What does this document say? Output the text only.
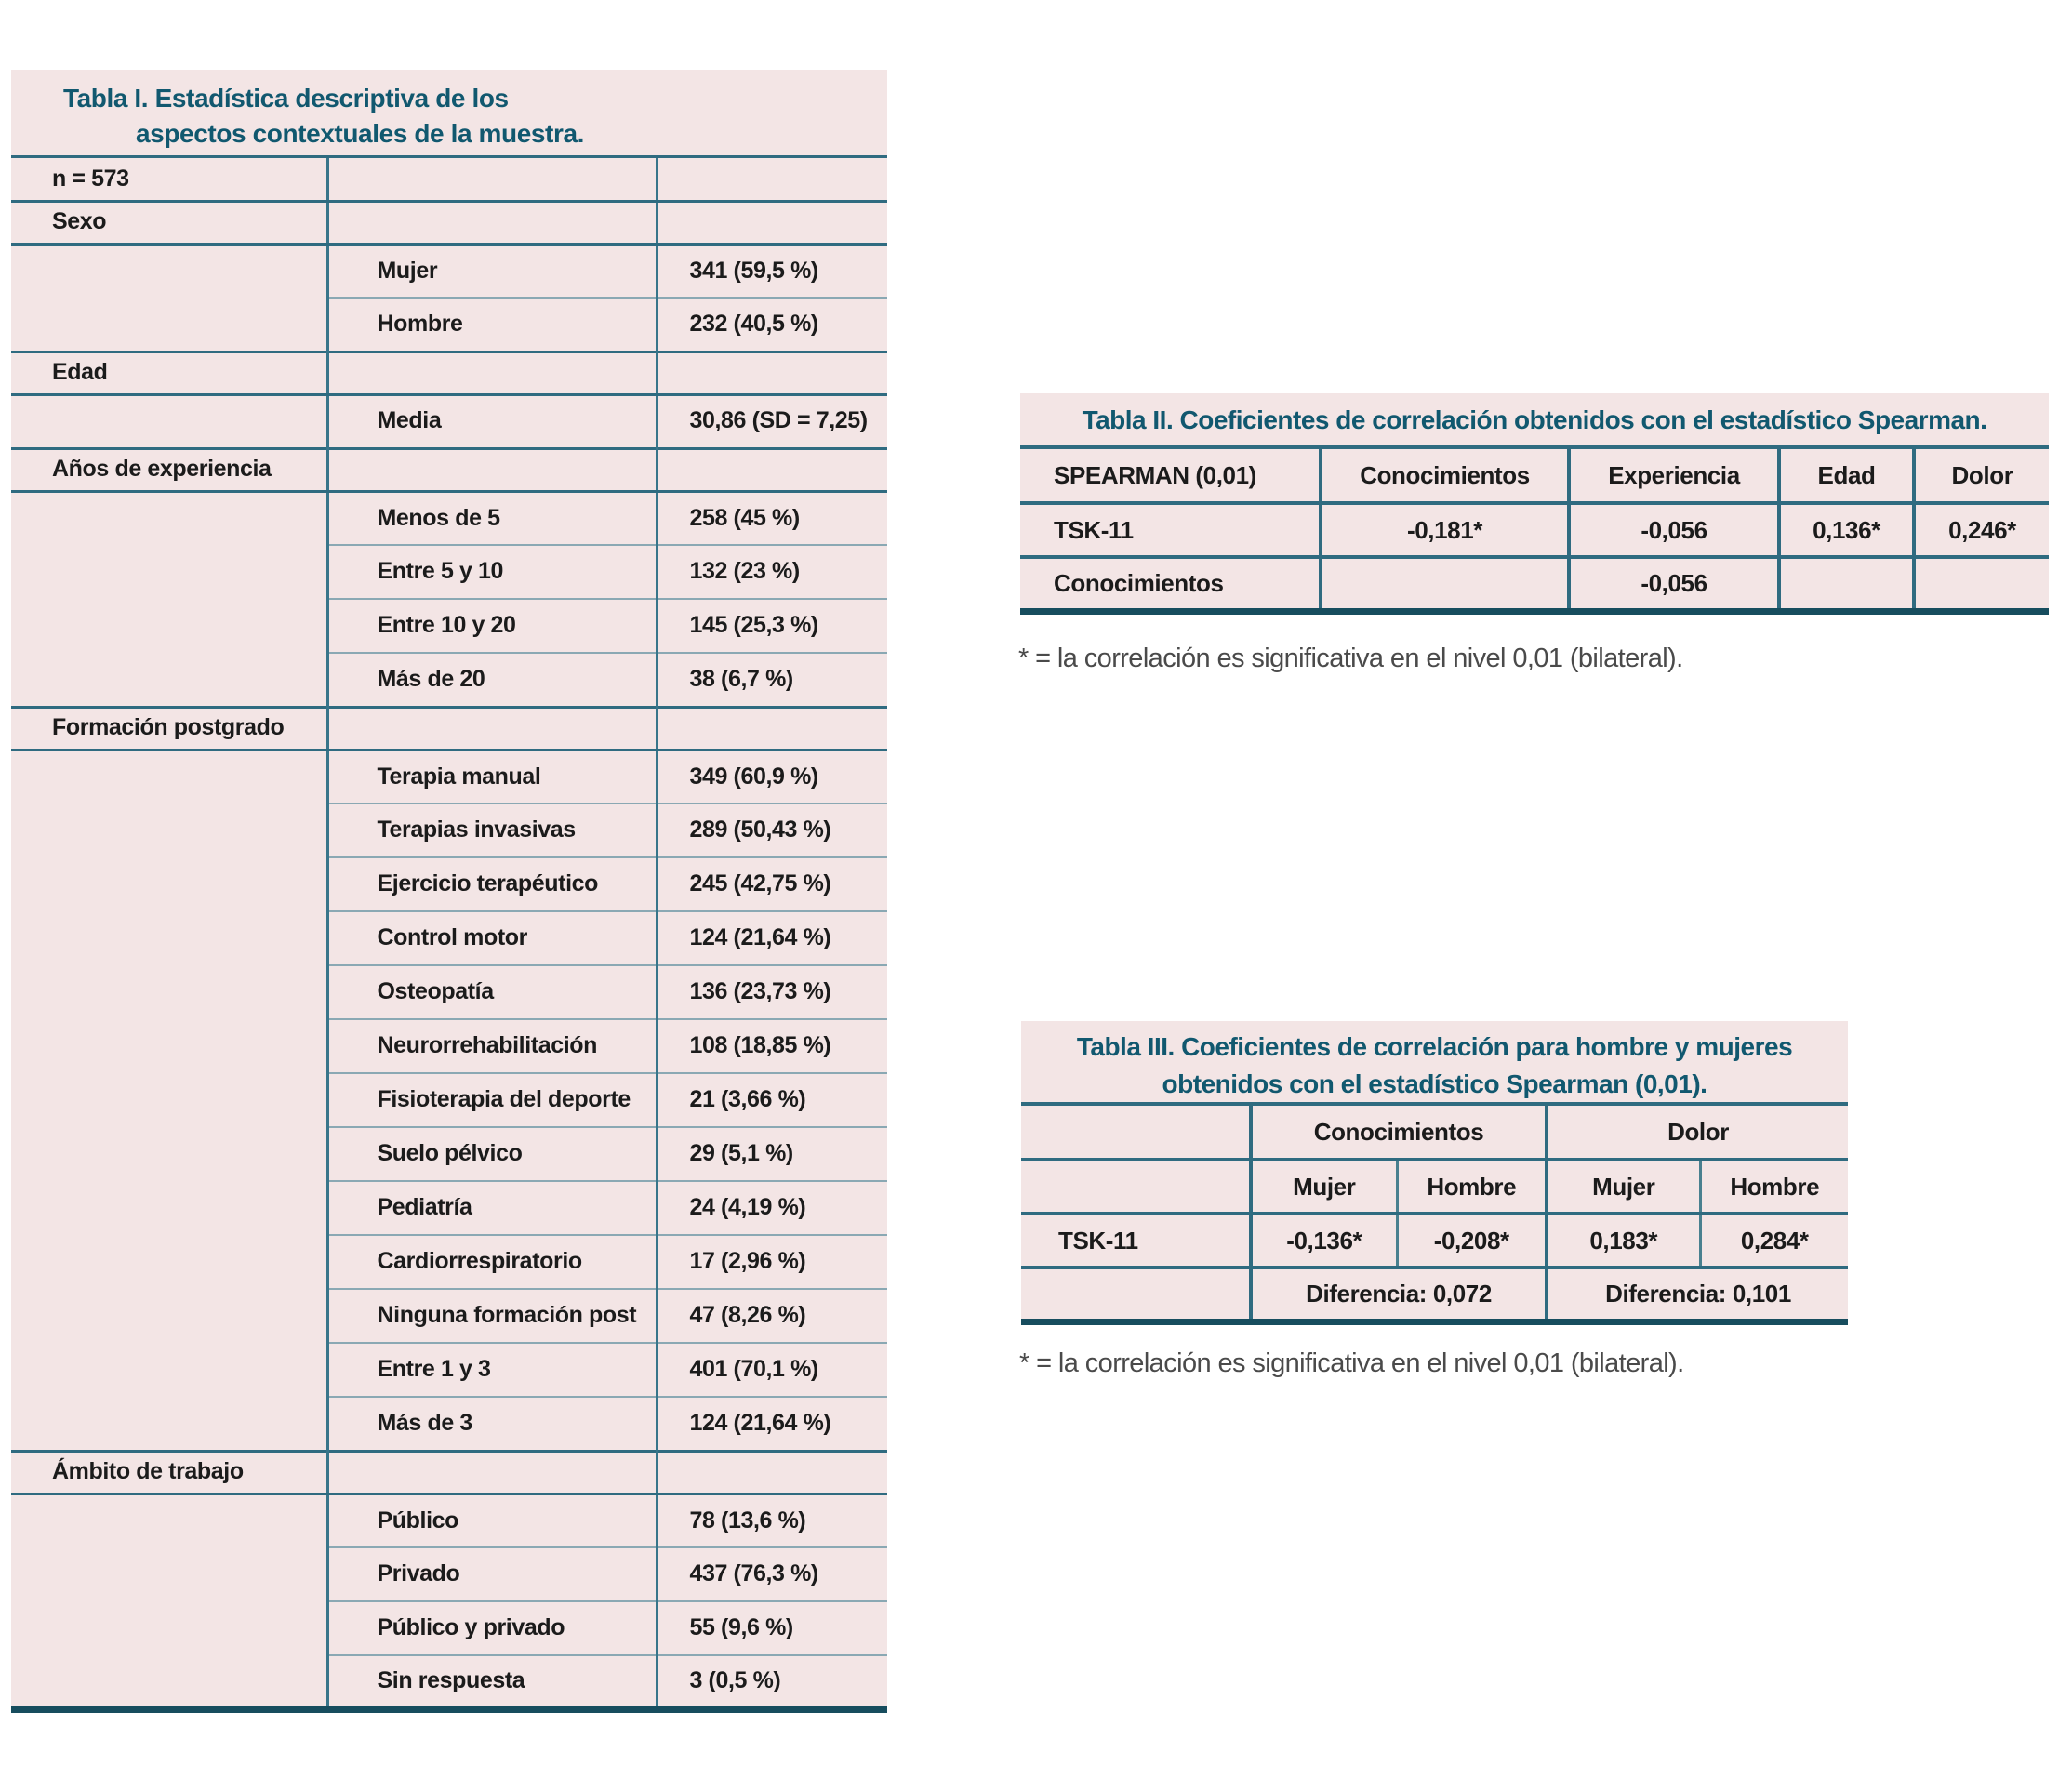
Tabla I. Estadística descriptiva de los
aspectos contextuales de la muestra.
n = 573		
Sexo		
	Mujer	341 (59,5 %)
	Hombre	232 (40,5 %)
Edad		
	Media	30,86 (SD = 7,25)
Años de experiencia		
	Menos de 5	258 (45 %)
	Entre 5 y 10	132 (23 %)
	Entre 10 y 20	145 (25,3 %)
	Más de 20	38 (6,7 %)
Formación postgrado		
	Terapia manual	349 (60,9 %)
	Terapias invasivas	289 (50,43 %)
	Ejercicio terapéutico	245 (42,75 %)
	Control motor	124 (21,64 %)
	Osteopatía	136 (23,73 %)
	Neurorrehabilitación	108 (18,85 %)
	Fisioterapia del deporte	21 (3,66 %)
	Suelo pélvico	29 (5,1 %)
	Pediatría	24 (4,19 %)
	Cardiorrespiratorio	17 (2,96 %)
	Ninguna formación post	47 (8,26 %)
	Entre 1 y 3	401 (70,1 %)
	Más de 3	124 (21,64 %)
Ámbito de trabajo		
	Público	78 (13,6 %)
	Privado	437 (76,3 %)
	Público y privado	55 (9,6 %)
	Sin respuesta	3 (0,5 %)
Tabla II. Coeficientes de correlación obtenidos con el estadístico Spearman.
SPEARMAN (0,01)	Conocimientos	Experiencia	Edad	Dolor
TSK-11	-0,181*	-0,056	0,136*	0,246*
Conocimientos		-0,056		
* = la correlación es significativa en el nivel 0,01 (bilateral).
Tabla III. Coeficientes de correlación para hombre y mujeres
obtenidos con el estadístico Spearman (0,01).
	Conocimientos		Dolor	
	Mujer	Hombre	Mujer	Hombre
TSK-11	-0,136*	-0,208*	0,183*	0,284*
	Diferencia: 0,072		Diferencia: 0,101	
* = la correlación es significativa en el nivel 0,01 (bilateral).
